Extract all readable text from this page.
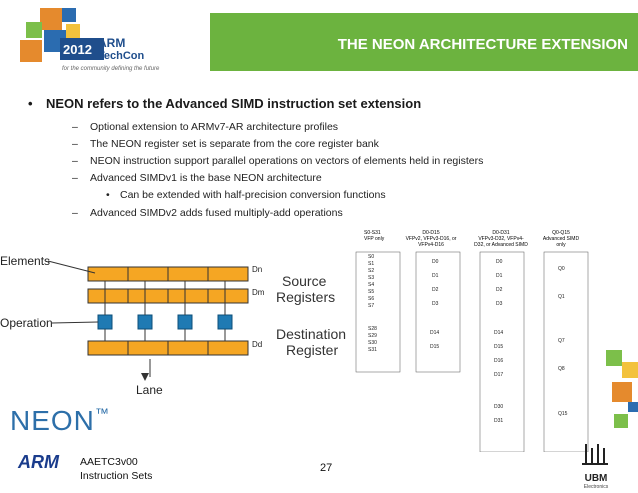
THE NEON ARCHITECTURE EXTENSION
2012 ARM
TechCon
for the community defining the future
• NEON refers to the Advanced SIMD instruction set extension
– Optional extension to ARMv7-AR architecture profiles
– The NEON register set is separate from the core register bank
– NEON instruction support parallel operations on vectors of elements held in registers
– Advanced SIMDv1 is the base NEON architecture
• Can be extended with half-precision conversion functions
– Advanced SIMDv2 adds fused multiply-add operations
Elements
Operation
Dn
Dm
Dd
Source
Registers
Destination
Register
Lane
S0-S31
VFP only
D0-D15
VFPv2, VFPv3-D16, or VFPv4-D16
D0-D31
VFPv3-D32, VFPv4-D32, or Advanced SIMD
Q0-Q15
Advanced SIMD only
S0
S1
S2
S3
S4
S5
S6
S7
S28
S29
S30
S31
D0
D1
D2
D3
D14
D15
D0
D1
D2
D3
D14
D15
D16
D17
D30
D31
Q0
Q1
Q7
Q8
Q15
NEON™
ARM AAETC3v00
Instruction Sets
27
UBM
Electronics
